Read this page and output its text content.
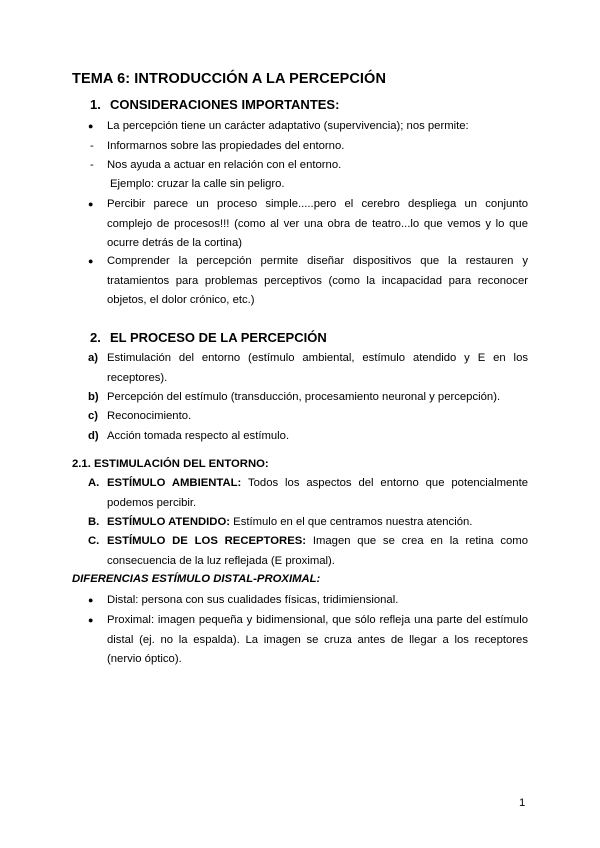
TEMA 6: INTRODUCCIÓN A LA PERCEPCIÓN
1. CONSIDERACIONES IMPORTANTES:
● La percepción tiene un carácter adaptativo (supervivencia); nos permite:
- Informarnos sobre las propiedades del entorno.
- Nos ayuda a actuar en relación con el entorno.
Ejemplo: cruzar la calle sin peligro.
● Percibir parece un proceso simple.....pero el cerebro despliega un conjunto complejo de procesos!!! (como al ver una obra de teatro...lo que vemos y lo que ocurre detrás de la cortina)
● Comprender la percepción permite diseñar dispositivos que la restauren y tratamientos para problemas perceptivos (como la incapacidad para reconocer objetos, el dolor crónico, etc.)
2. EL PROCESO DE LA PERCEPCIÓN
a) Estimulación del entorno (estímulo ambiental, estímulo atendido y E en los receptores).
b) Percepción del estímulo (transducción, procesamiento neuronal y percepción).
c) Reconocimiento.
d) Acción tomada respecto al estímulo.
2.1. ESTIMULACIÓN DEL ENTORNO:
A. ESTÍMULO AMBIENTAL: Todos los aspectos del entorno que potencialmente podemos percibir.
B. ESTÍMULO ATENDIDO: Estímulo en el que centramos nuestra atención.
C. ESTÍMULO DE LOS RECEPTORES: Imagen que se crea en la retina como consecuencia de la luz reflejada (E proximal).
DIFERENCIAS ESTÍMULO DISTAL-PROXIMAL:
● Distal: persona con sus cualidades físicas, tridimiensional.
● Proximal: imagen pequeña y bidimensional, que sólo refleja una parte del estímulo distal (ej. no la espalda). La imagen se cruza antes de llegar a los receptores (nervio óptico).
1
